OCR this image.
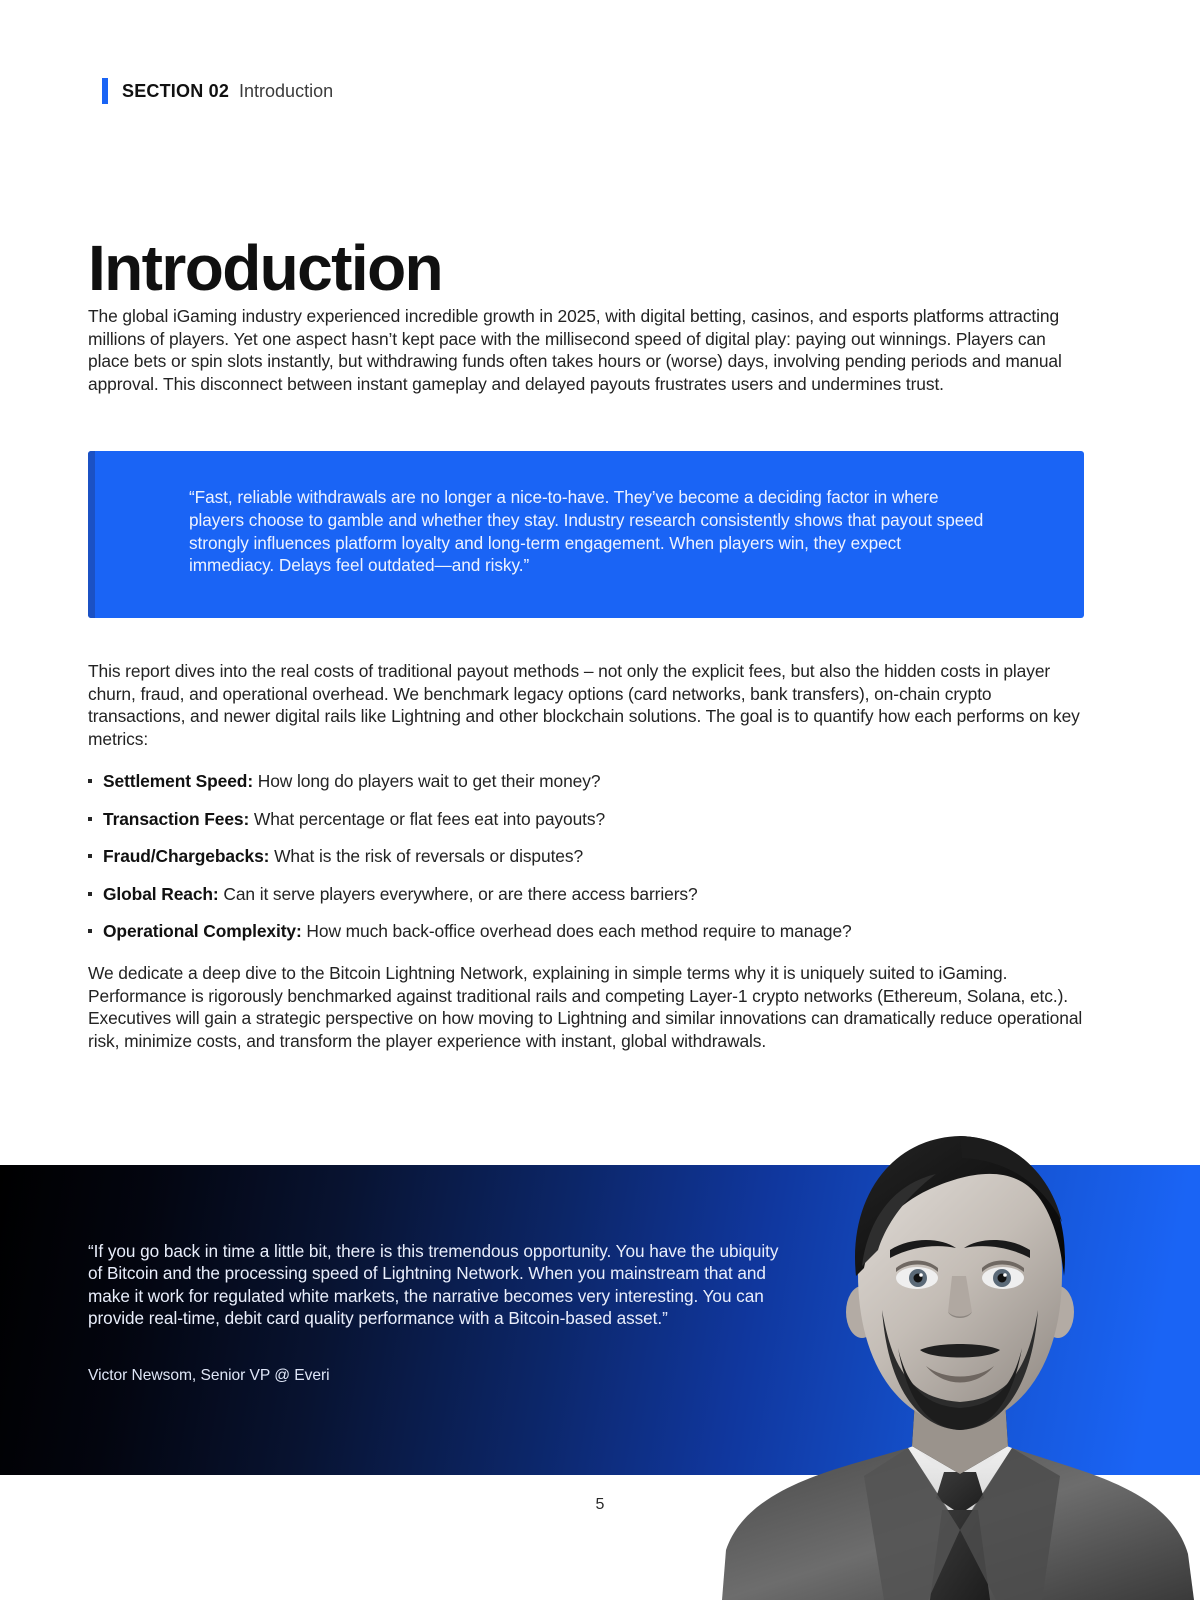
SECTION 02 Introduction
Introduction

The global iGaming industry experienced incredible growth in 2025, with digital betting, casinos, and esports platforms attracting millions of players. Yet one aspect hasn’t kept pace with the millisecond speed of digital play: paying out winnings. Players can place bets or spin slots instantly, but withdrawing funds often takes hours or (worse) days, involving pending periods and manual approval. This disconnect between instant gameplay and delayed payouts frustrates users and undermines trust.

“Fast, reliable withdrawals are no longer a nice-to-have. They’ve become a deciding factor in where players choose to gamble and whether they stay. Industry research consistently shows that payout speed strongly influences platform loyalty and long-term engagement. When players win, they expect immediacy. Delays feel outdated—and risky.”

This report dives into the real costs of traditional payout methods – not only the explicit fees, but also the hidden costs in player churn, fraud, and operational overhead. We benchmark legacy options (card networks, bank transfers), on-chain crypto transactions, and newer digital rails like Lightning and other blockchain solutions. The goal is to quantify how each performs on key metrics:

Settlement Speed: How long do players wait to get their money?
Transaction Fees: What percentage or flat fees eat into payouts?
Fraud/Chargebacks: What is the risk of reversals or disputes?
Global Reach: Can it serve players everywhere, or are there access barriers?
Operational Complexity: How much back-office overhead does each method require to manage?

We dedicate a deep dive to the Bitcoin Lightning Network, explaining in simple terms why it is uniquely suited to iGaming. Performance is rigorously benchmarked against traditional rails and competing Layer-1 crypto networks (Ethereum, Solana, etc.). Executives will gain a strategic perspective on how moving to Lightning and similar innovations can dramatically reduce operational risk, minimize costs, and transform the player experience with instant, global withdrawals.

“If you go back in time a little bit, there is this tremendous opportunity. You have the ubiquity of Bitcoin and the processing speed of Lightning Network. When you mainstream that and make it work for regulated white markets, the narrative becomes very interesting. You can provide real-time, debit card quality performance with a Bitcoin-based asset.”
Victor Newsom, Senior VP @ Everi
5
